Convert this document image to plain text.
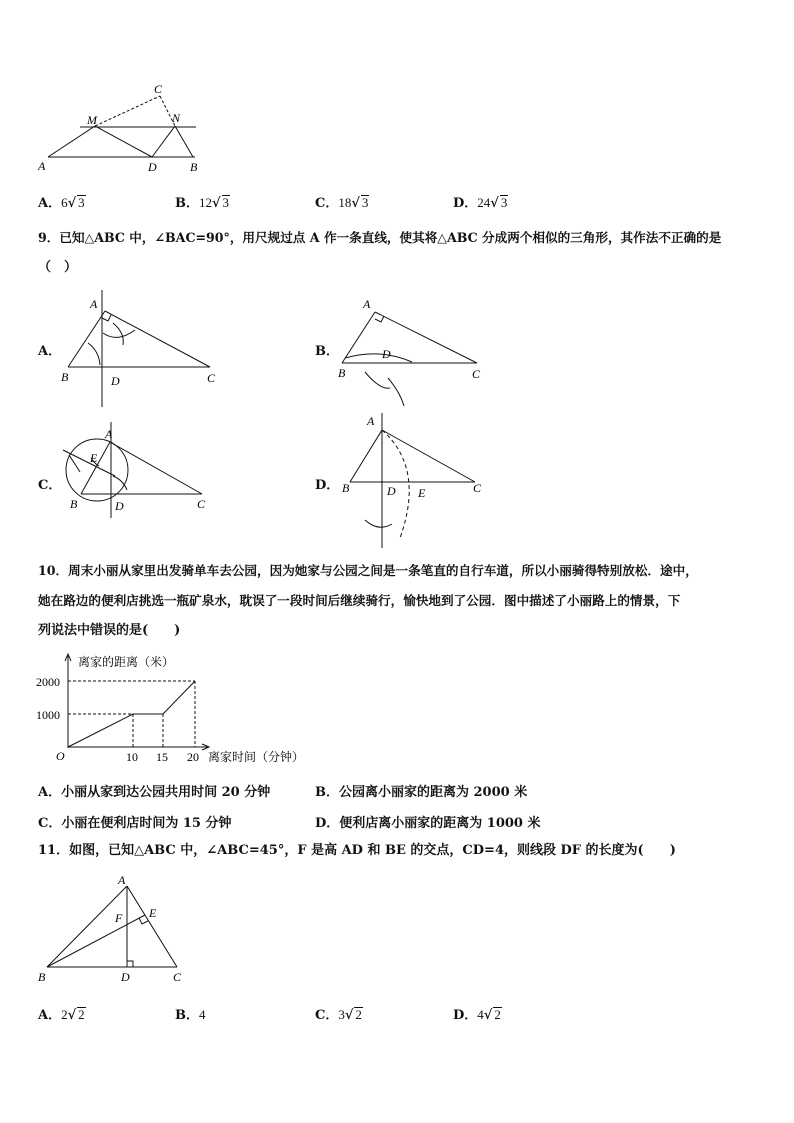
C
M	N
A	D	B
A．6√ 3	B．12√ 3	C．18√ 3	D．24√ 3
9．已知△ABC 中，∠BAC=90°，用尺规过点 A 作一条直线，使其将△ABC 分成两个相似的三角形，其作法不正确的是
（　）
A．
A
B	D	C
B．
A
D
B	C
C．
A
E
B	D	C
D．
A
B	D E	C
10．周末小丽从家里出发骑单车去公园，因为她家与公园之间是一条笔直的自行车道，所以小丽骑得特别放松．途中，
她在路边的便利店挑选一瓶矿泉水，耽误了一段时间后继续骑行，愉快地到了公园．图中描述了小丽路上的情景，下
列说法中错误的是(　　)
离家的距离（米）
离家时间（分钟）
2000
1000
O	10 15 20
A．小丽从家到达公园共用时间 20 分钟	B．公园离小丽家的距离为 2000 米
C．小丽在便利店时间为 15 分钟	D．便利店离小丽家的距离为 1000 米
11．如图，已知△ABC 中，∠ABC=45°，F 是高 AD 和 BE 的交点，CD=4，则线段 DF 的长度为(　　)
A
F E
B	D	C
A．2√ 2	B．4	C．3√ 2	D．4√ 2
